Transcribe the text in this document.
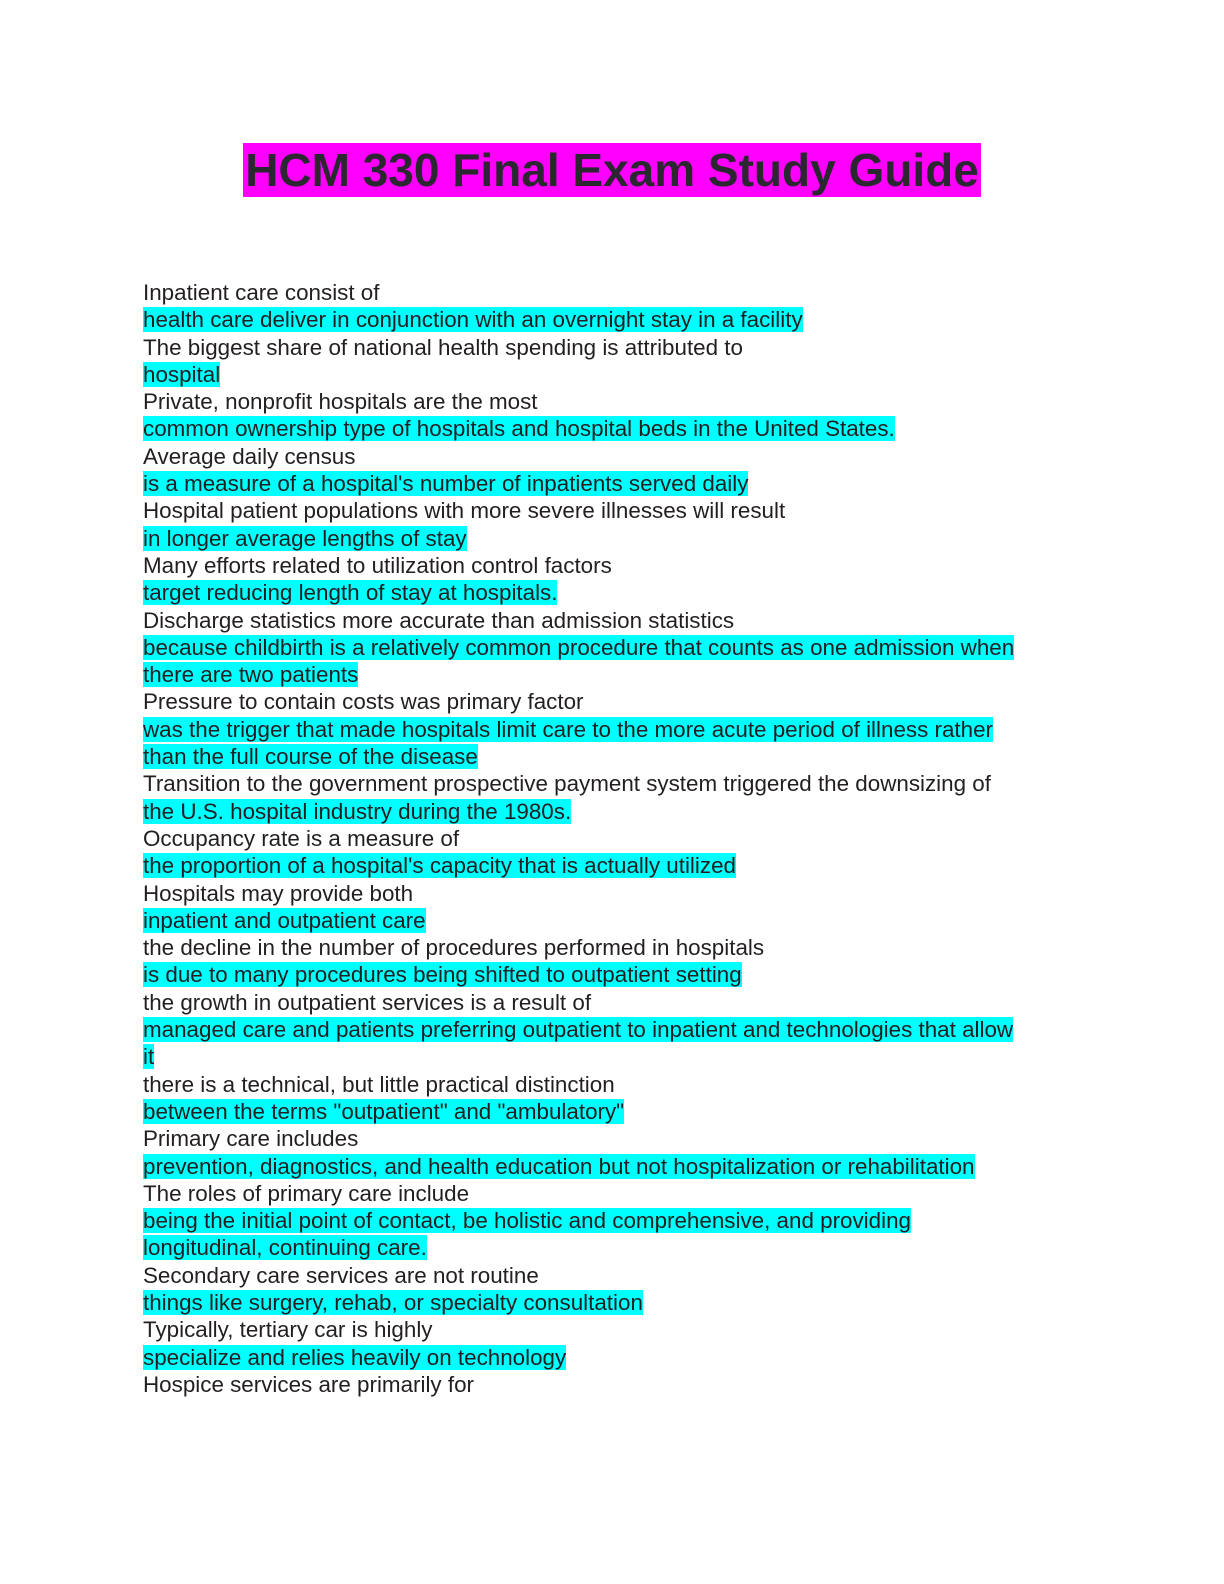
HCM 330 Final Exam Study Guide
Inpatient care consist of
health care deliver in conjunction with an overnight stay in a facility
The biggest share of national health spending is attributed to
hospital
Private, nonprofit hospitals are the most
common ownership type of hospitals and hospital beds in the United States.
Average daily census
is a measure of a hospital's number of inpatients served daily
Hospital patient populations with more severe illnesses will result
in longer average lengths of stay
Many efforts related to utilization control factors
target reducing length of stay at hospitals.
Discharge statistics more accurate than admission statistics
because childbirth is a relatively common procedure that counts as one admission when
there are two patients
Pressure to contain costs was primary factor
was the trigger that made hospitals limit care to the more acute period of illness rather
than the full course of the disease
Transition to the government prospective payment system triggered the downsizing of
the U.S. hospital industry during the 1980s.
Occupancy rate is a measure of
the proportion of a hospital's capacity that is actually utilized
Hospitals may provide both
inpatient and outpatient care
the decline in the number of procedures performed in hospitals
is due to many procedures being shifted to outpatient setting
the growth in outpatient services is a result of
managed care and patients preferring outpatient to inpatient and technologies that allow
it
there is a technical, but little practical distinction
between the terms "outpatient" and "ambulatory"
Primary care includes
prevention, diagnostics, and health education but not hospitalization or rehabilitation
The roles of primary care include
being the initial point of contact, be holistic and comprehensive, and providing
longitudinal, continuing care.
Secondary care services are not routine
things like surgery, rehab, or specialty consultation
Typically, tertiary car is highly
specialize and relies heavily on technology
Hospice services are primarily for
